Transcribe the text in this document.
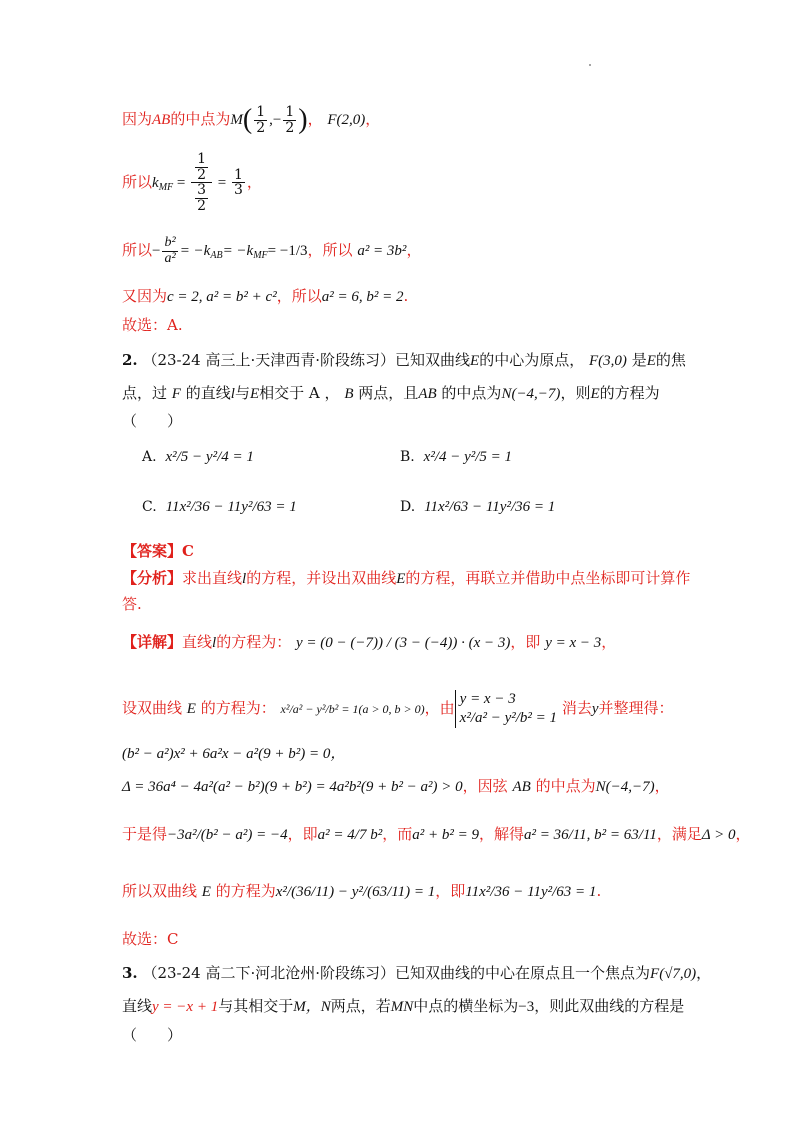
因为AB的中点为$M( \frac{1}{2}$ ,− $\frac{1}{2}$ )， F(2,0)，
所以$k_{MF} = \frac{\frac{1}{2}}{\frac{3}{2}} = \frac{1}{3}$ ，
所以− $\frac{\text{b²}}{\text{a²}} = -k_{AB}= -k_{MF}= -1/3$，所以 a² = 3b²，
又因为c = 2, a² = b² + c²，所以a² = 6, b² = 2.
故选：A.
2. （23-24 高三上·天津西青·阶段练习）已知双曲线E的中心为原点， F(3,0) 是E的焦
点，过 F 的直线l与E相交于 A ， B 两点，且AB 的中点为N(−4,−7)，则E的方程为
（　　）
A. x²/5 − y²/4 = 1	B. x²/4 − y²/5 = 1
C. 11x²/36 − 11y²/63 = 1	D. 11x²/63 − 11y²/36 = 1
【答案】C
【分析】求出直线l的方程，并设出双曲线E的方程，再联立并借助中点坐标即可计算作
答.
【详解】直线l的方程为： y = (0 − (−7)) / (3 − (−4)) · (x − 3)，即 y = x − 3，
设双曲线 E 的方程为： x²/a² − y²/b² = 1(a > 0, b > 0)，由 y = x − 3
x²/a² − y²/b² = 1
消去y并整理得：
(b² − a²)x² + 6a²x − a²(9 + b²) = 0，
Δ = 36a⁴ − 4a²(a² − b²)(9 + b²) = 4a²b²(9 + b² − a²) > 0，因弦 AB 的中点为N(−4,−7)，
于是得−3a²/(b² − a²) = −4，即a² = 4/7 b²，而a² + b² = 9，解得a² = 36/11, b² = 63/11，满足Δ > 0，
所以双曲线 E 的方程为x²/(36/11) − y²/(63/11) = 1，即11x²/36 − 11y²/63 = 1.
故选：C
3. （23-24 高二下·河北沧州·阶段练习）已知双曲线的中心在原点且一个焦点为F(√7,0)，
直线y = −x + 1与其相交于M，N两点，若MN中点的横坐标为−3，则此双曲线的方程是
（　　）
